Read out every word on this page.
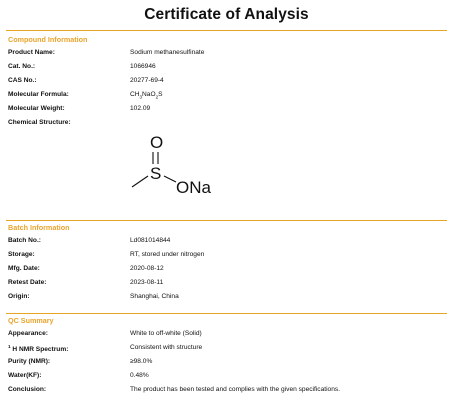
Certificate of Analysis
Compound Information
Product Name:	Sodium methanesulfinate
Cat. No.:	1066946
CAS No.:	20277-69-4
Molecular Formula:	$CH_3NaO_2S$
Molecular Weight:	102.09
Chemical Structure:
O
S
ONa
Batch Information
Batch No.:	Ld081014844
Storage:	RT, stored under nitrogen
Mfg. Date:	2020-08-12
Retest Date:	2023-08-11
Origin:	Shanghai, China
QC Summary
Appearance:	White to off-white (Solid)
$^1$ H NMR Spectrum:	Consistent with structure
Purity (NMR):	≥98.0%
Water(KF):	0.48%
Conclusion:	The product has been tested and complies with the given specifications.
